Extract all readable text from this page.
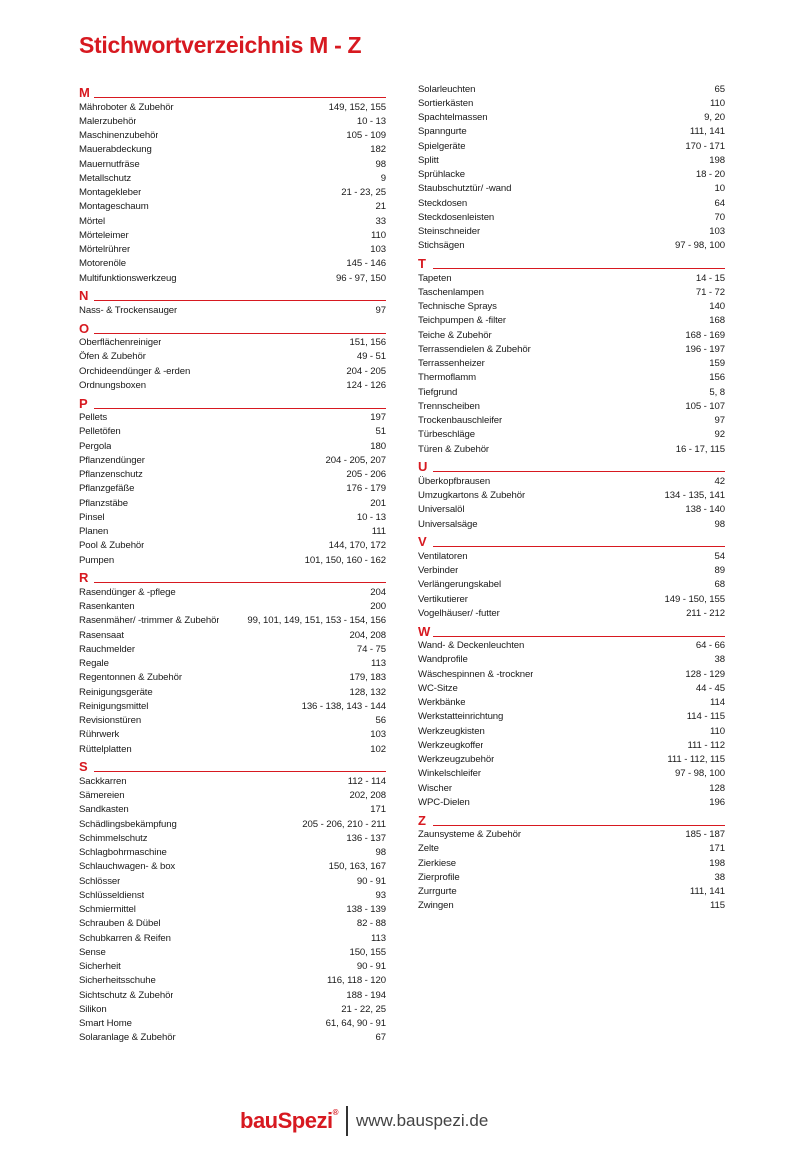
Stichwortverzeichnis M - Z
M
Mähroboter & Zubehör	149, 152, 155
Malerzubehör	10 - 13
Maschinenzubehör	105 - 109
Mauerabdeckung	182
Mauernutfräse	98
Metallschutz	9
Montagekleber	21 - 23, 25
Montageschaum	21
Mörtel	33
Mörteleimer	110
Mörtelrührer	103
Motorenöle	145 - 146
Multifunktionswerkzeug	96 - 97, 150
N
Nass- & Trockensauger	97
O
Oberflächenreiniger	151, 156
Öfen & Zubehör	49 - 51
Orchideendünger & -erden	204 - 205
Ordnungsboxen	124 - 126
P
Pellets	197
Pelletöfen	51
Pergola	180
Pflanzendünger	204 - 205, 207
Pflanzenschutz	205 - 206
Pflanzgefäße	176 - 179
Pflanzstäbe	201
Pinsel	10 - 13
Planen	111
Pool & Zubehör	144, 170, 172
Pumpen	101, 150, 160 - 162
R
Rasendünger & -pflege	204
Rasenkanten	200
Rasenmäher/ -trimmer & Zubehör	99, 101, 149, 151, 153 - 154, 156
Rasensaat	204, 208
Rauchmelder	74 - 75
Regale	113
Regentonnen & Zubehör	179, 183
Reinigungsgeräte	128, 132
Reinigungsmittel	136 - 138, 143 - 144
Revisionstüren	56
Rührwerk	103
Rüttelplatten	102
S
Sackkarren	112 - 114
Sämereien	202, 208
Sandkasten	171
Schädlingsbekämpfung	205 - 206, 210 - 211
Schimmelschutz	136 - 137
Schlagbohrmaschine	98
Schlauchwagen- & box	150, 163, 167
Schlösser	90 - 91
Schlüsseldienst	93
Schmiermittel	138 - 139
Schrauben & Dübel	82 - 88
Schubkarren & Reifen	113
Sense	150, 155
Sicherheit	90 - 91
Sicherheitsschuhe	116, 118 - 120
Sichtschutz & Zubehör	188 - 194
Silikon	21 - 22, 25
Smart Home	61, 64, 90 - 91
Solaranlage & Zubehör	67
Solarleuchten	65
Sortierkästen	110
Spachtelmassen	9, 20
Spanngurte	111, 141
Spielgeräte	170 - 171
Splitt	198
Sprühlacke	18 - 20
Staubschutztür/ -wand	10
Steckdosen	64
Steckdosenleisten	70
Steinschneider	103
Stichsägen	97 - 98, 100
T
Tapeten	14 - 15
Taschenlampen	71 - 72
Technische Sprays	140
Teichpumpen & -filter	168
Teiche & Zubehör	168 - 169
Terrassendielen & Zubehör	196 - 197
Terrassenheizer	159
Thermoflamm	156
Tiefgrund	5, 8
Trennscheiben	105 - 107
Trockenbauschleifer	97
Türbeschläge	92
Türen & Zubehör	16 - 17, 115
U
Überkopfbrausen	42
Umzugkartons & Zubehör	134 - 135, 141
Universalöl	138 - 140
Universalsäge	98
V
Ventilatoren	54
Verbinder	89
Verlängerungskabel	68
Vertikutierer	149 - 150, 155
Vogelhäuser/ -futter	211 - 212
W
Wand- & Deckenleuchten	64 - 66
Wandprofile	38
Wäschespinnen & -trockner	128 - 129
WC-Sitze	44 - 45
Werkbänke	114
Werkstatteinrichtung	114 - 115
Werkzeugkisten	110
Werkzeugkoffer	111 - 112
Werkzeugzubehör	111 - 112, 115
Winkelschleifer	97 - 98, 100
Wischer	128
WPC-Dielen	196
Z
Zaunsysteme & Zubehör	185 - 187
Zelte	171
Zierkiese	198
Zierprofile	38
Zurrgurte	111, 141
Zwingen	115
bauSpezi® www.bauspezi.de
